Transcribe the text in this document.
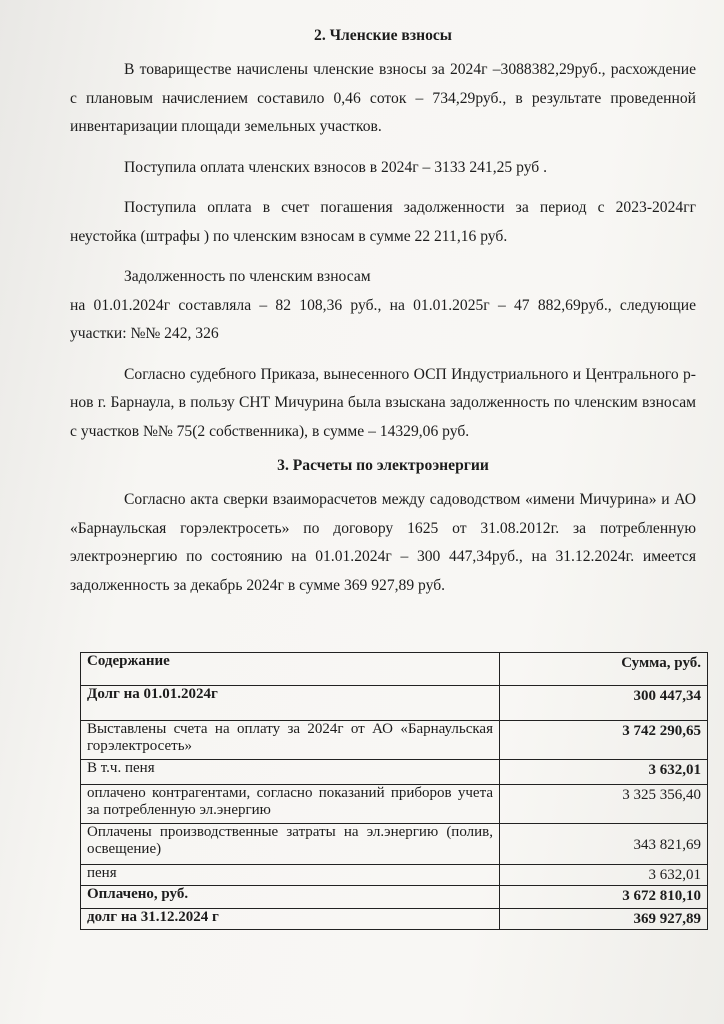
2. Членские взносы

В товариществе начислены членские взносы за 2024г –3088382,29руб., расхождение с плановым начислением составило 0,46 соток – 734,29руб., в результате проведенной инвентаризации площади земельных участков.

Поступила оплата членских взносов в 2024г – 3133 241,25 руб .

Поступила оплата в счет погашения задолженности за период с 2023-2024гг неустойка (штрафы ) по членским взносам в сумме 22 211,16 руб.

Задолженность по членским взносам

на 01.01.2024г составляла – 82 108,36 руб., на 01.01.2025г – 47 882,69руб., следующие участки: №№ 242, 326

Согласно судебного Приказа, вынесенного ОСП Индустриального и Центрального р-нов г. Барнаула, в пользу СНТ Мичурина была взыскана задолженность по членским взносам с участков №№ 75(2 собственника), в сумме – 14329,06 руб.

3. Расчеты по электроэнергии

Согласно акта сверки взаиморасчетов между садоводством «имени Мичурина» и АО «Барнаульская горэлектросеть» по договору 1625 от 31.08.2012г. за потребленную электроэнергию по состоянию на 01.01.2024г – 300 447,34руб., на 31.12.2024г. имеется задолженность за декабрь 2024г в сумме 369 927,89 руб.

Содержание	Сумма, руб.
Долг на 01.01.2024г	300 447,34
Выставлены счета на оплату за 2024г от АО «Барнаульская горэлектросеть»	3 742 290,65
В т.ч. пеня	3 632,01
оплачено контрагентами, согласно показаний приборов учета за потребленную эл.энергию	3 325 356,40
Оплачены производственные затраты на эл.энергию (полив, освещение)	343 821,69
пеня	3 632,01
Оплачено, руб.	3 672 810,10
долг на 31.12.2024 г	369 927,89
